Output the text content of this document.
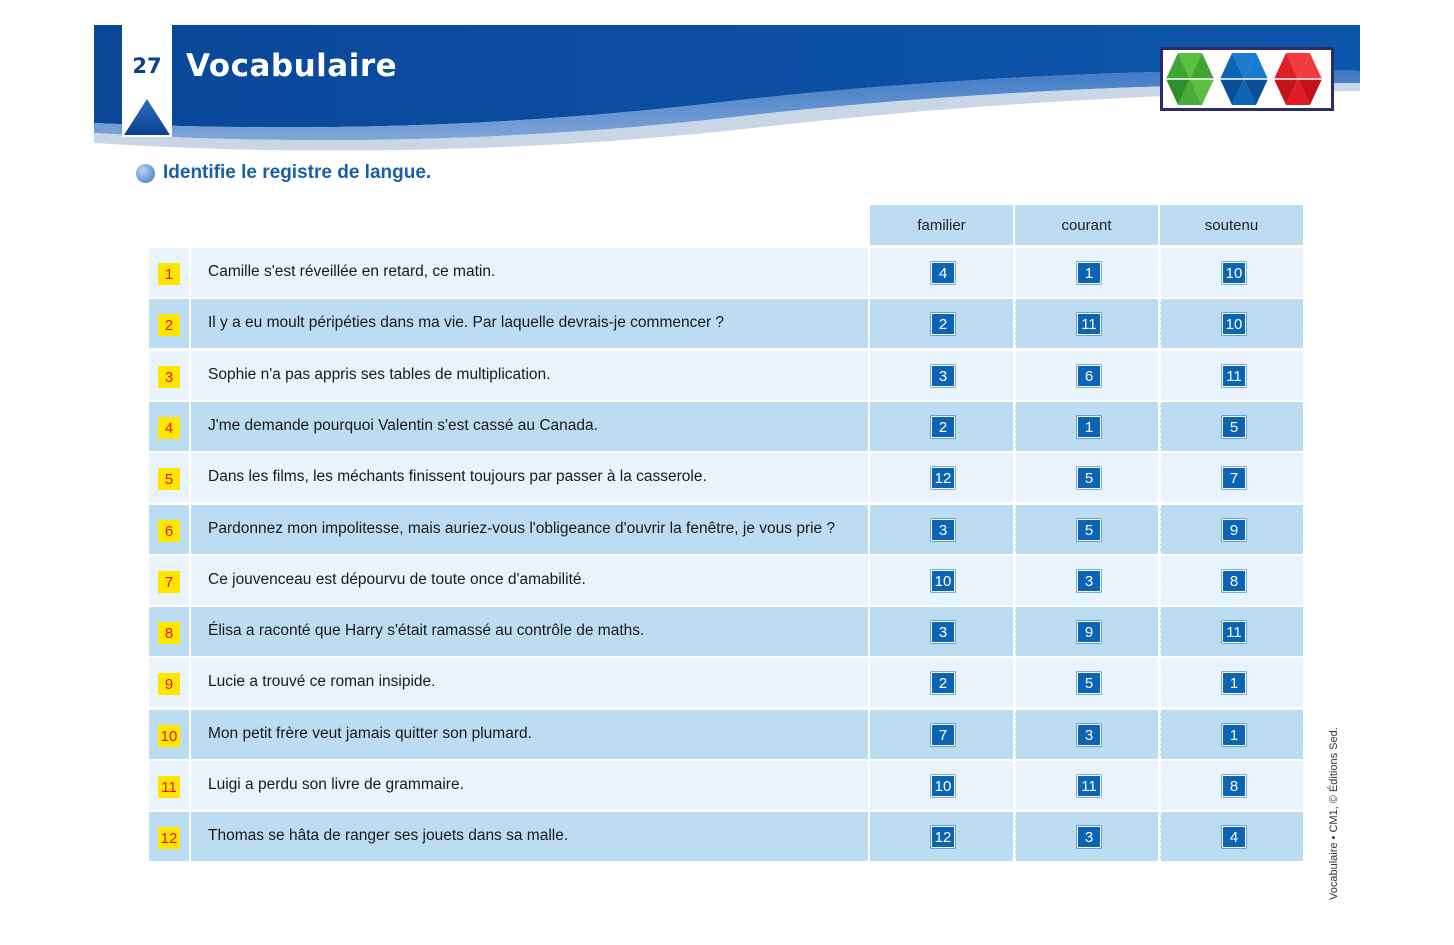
27 Vocabulaire
Identifie le registre de langue.
familier	courant	soutenu
1	Camille s'est réveillée en retard, ce matin.	4	1	10
2	Il y a eu moult péripéties dans ma vie. Par laquelle devrais-je commencer ?	2	11	10
3	Sophie n'a pas appris ses tables de multiplication.	3	6	11
4	J'me demande pourquoi Valentin s'est cassé au Canada.	2	1	5
5	Dans les films, les méchants finissent toujours par passer à la casserole.	12	5	7
6	Pardonnez mon impolitesse, mais auriez-vous l'obligeance d'ouvrir la fenêtre, je vous prie ?	3	5	9
7	Ce jouvenceau est dépourvu de toute once d'amabilité.	10	3	8
8	Élisa a raconté que Harry s'était ramassé au contrôle de maths.	3	9	11
9	Lucie a trouvé ce roman insipide.	2	5	1
10 Mon petit frère veut jamais quitter son plumard.	7	3	1
11 Luigi a perdu son livre de grammaire.	10	11	8
12 Thomas se hâta de ranger ses jouets dans sa malle.	12	3	4	Vocabulaire • CM1, © Éditions Sed.
